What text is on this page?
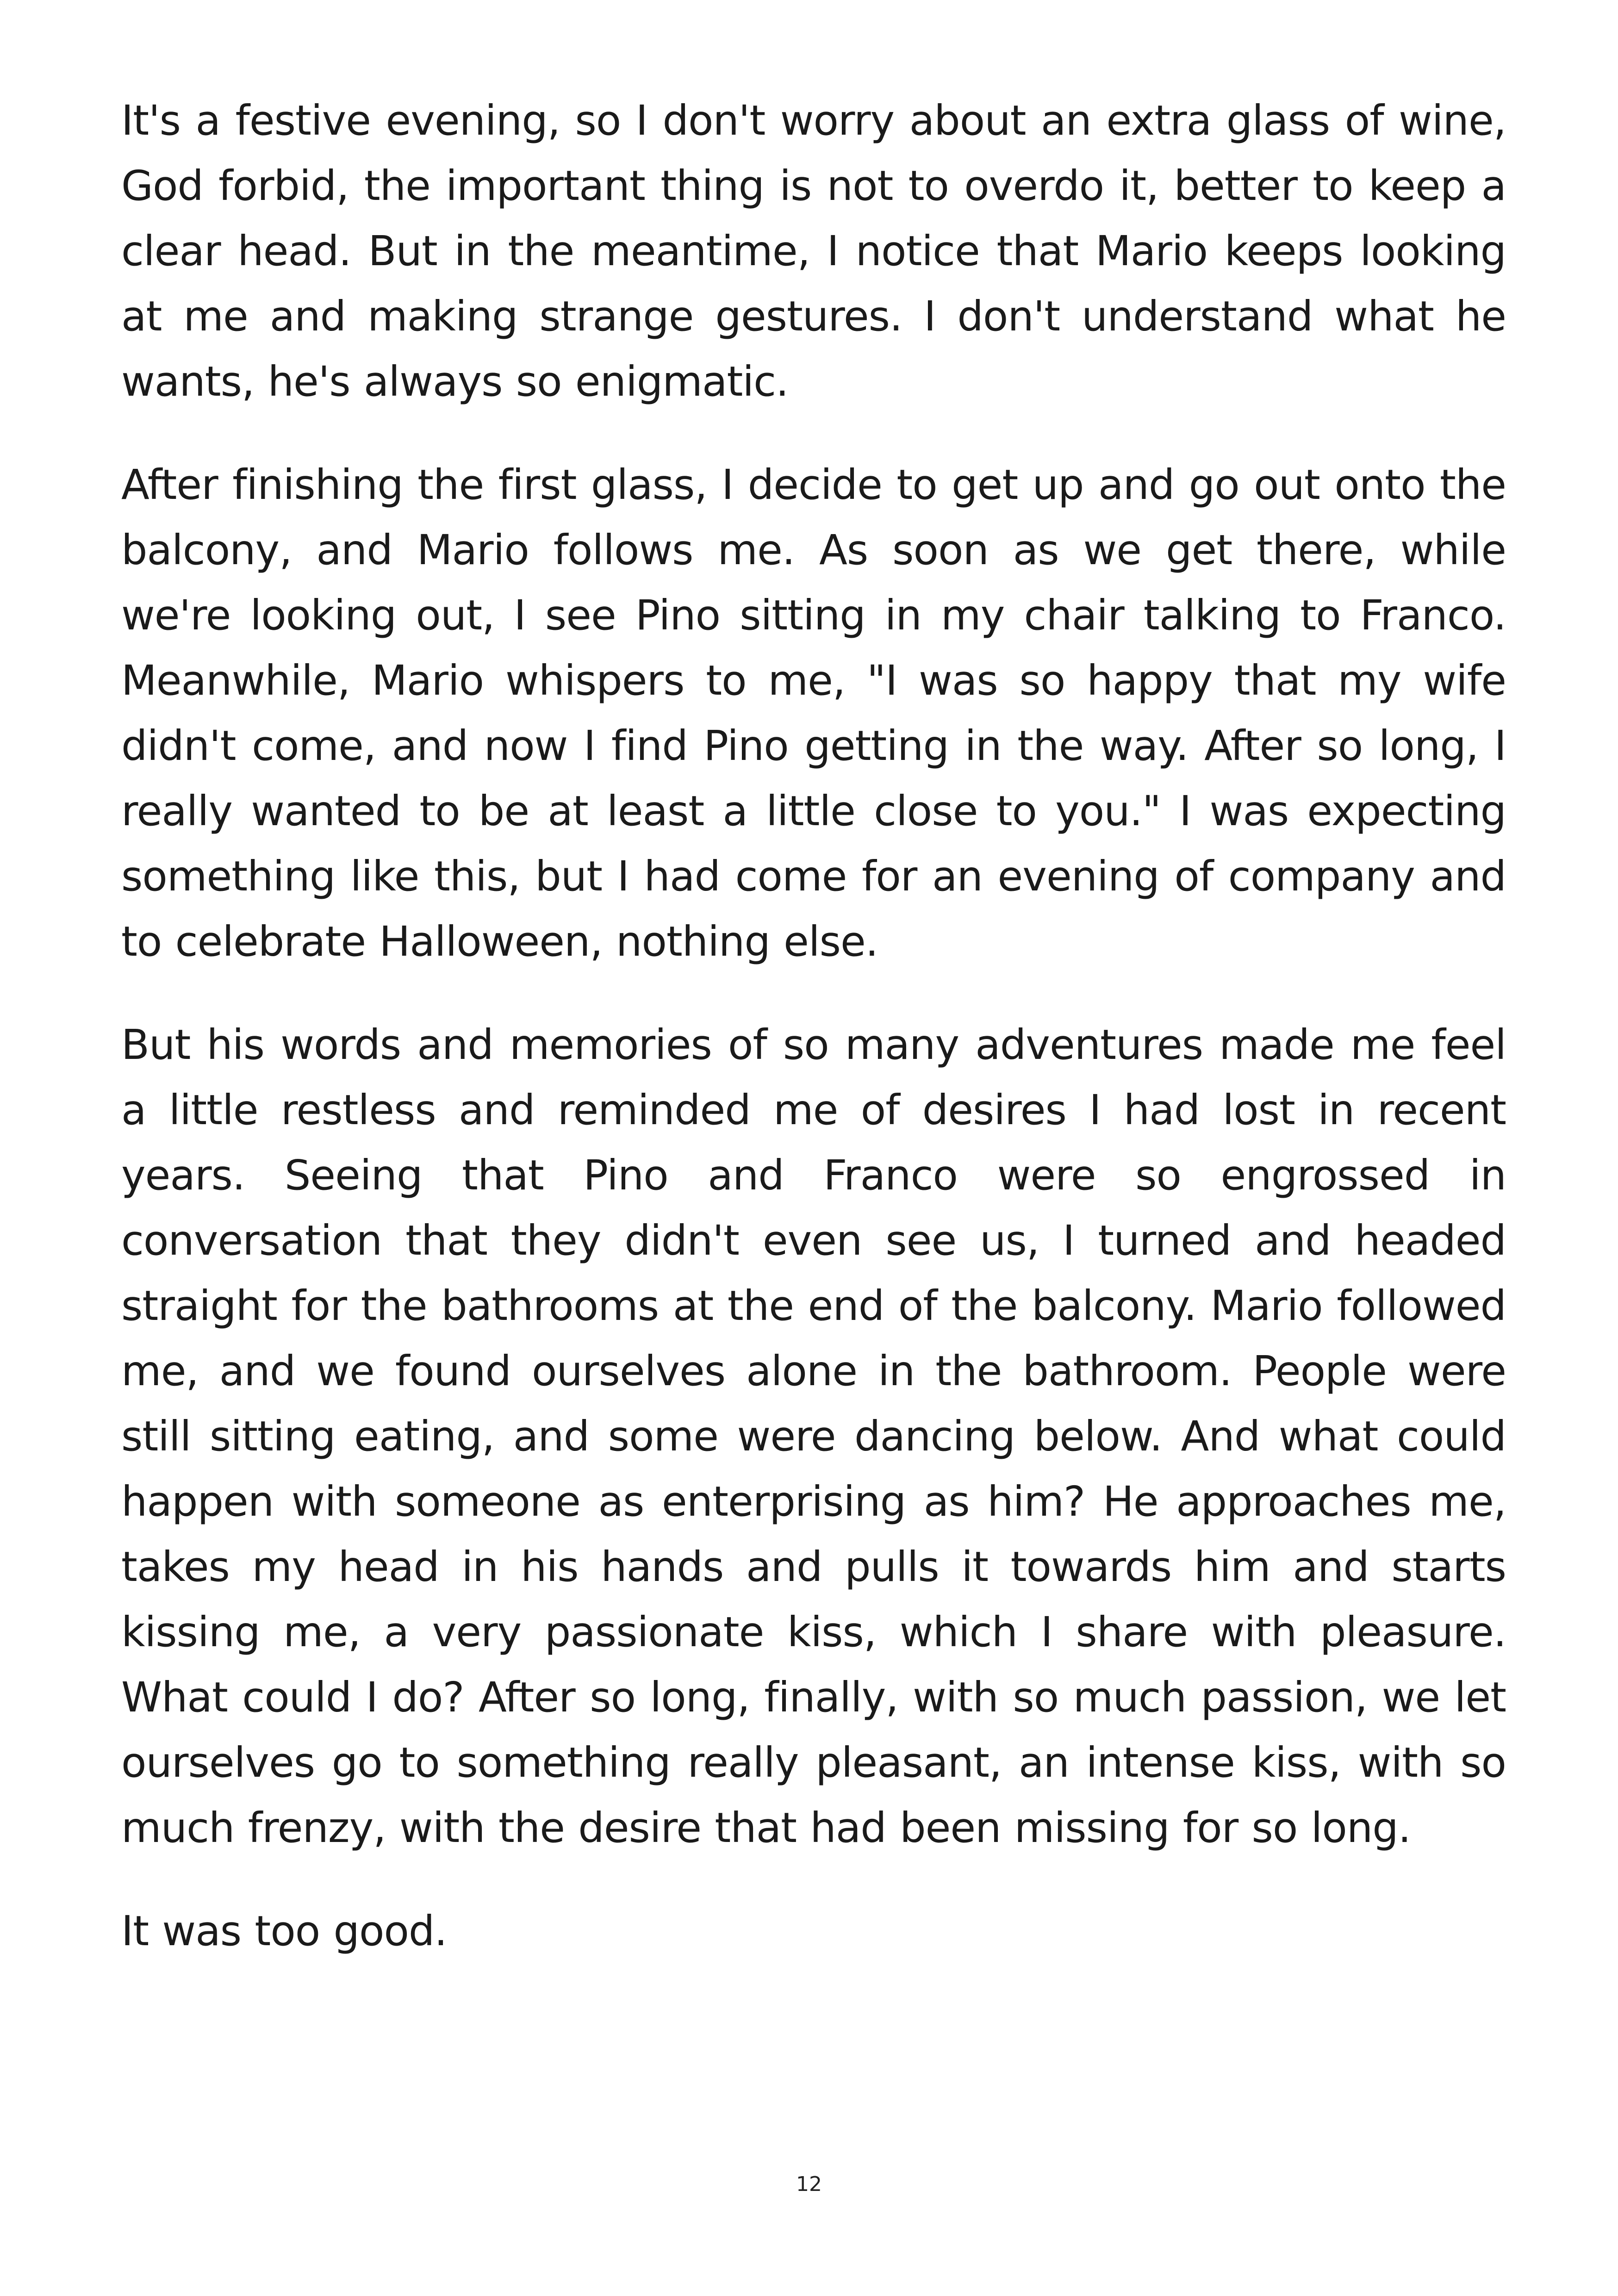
It's a festive evening, so I don't worry about an extra glass of wine, God forbid, the important thing is not to overdo it, better to keep a clear head. But in the meantime, I notice that Mario keeps looking at me and making strange gestures. I don't understand what he wants, he's always so enigmatic.

After finishing the first glass, I decide to get up and go out onto the balcony, and Mario follows me. As soon as we get there, while we're looking out, I see Pino sitting in my chair talking to Franco. Meanwhile, Mario whispers to me, "I was so happy that my wife didn't come, and now I find Pino getting in the way. After so long, I really wanted to be at least a little close to you." I was expecting something like this, but I had come for an evening of company and to celebrate Halloween, nothing else.

But his words and memories of so many adventures made me feel a little restless and reminded me of desires I had lost in recent years. Seeing that Pino and Franco were so engrossed in conversation that they didn't even see us, I turned and headed straight for the bathrooms at the end of the balcony. Mario followed me, and we found ourselves alone in the bathroom. People were still sitting eating, and some were dancing below. And what could happen with someone as enterprising as him? He approaches me, takes my head in his hands and pulls it towards him and starts kissing me, a very passionate kiss, which I share with pleasure. What could I do? After so long, finally, with so much passion, we let ourselves go to something really pleasant, an intense kiss, with so much frenzy, with the desire that had been missing for so long.

It was too good.

12
